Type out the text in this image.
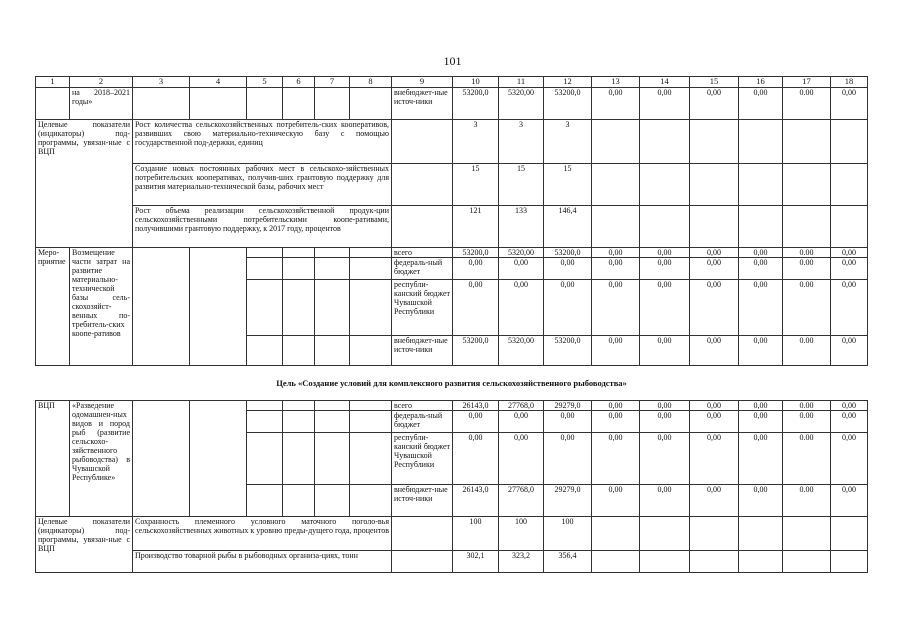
101
1	2	3	4	5	6	7	8	9	10	11	12	13	14	15	16	17	18
	на 2018–2021 годы»							внебюджет-ные источ-ники	53200,0	5320,00	53200,0	0,00	0,00	0,00	0,00	0.00	0,00
Целевые показатели (индикаторы) под-программы, увязан-ные с ВЦП		Рост количества сельскохозяйственных потребитель-ских кооперативов, развивших свою материально-техническую базу с помощью государственной под-держки, единиц							3	3	3						
		Создание новых постоянных рабочих мест в сельскохо-зяйственных потребительских кооперативах, получив-ших грантовую поддержку для развития материально-технической базы, рабочих мест							15	15	15						
		Рост объема реализации сельскохозяйственной продук-ции сельскохозяйственными потребительскими коопе-ративами, получившими грантовую поддержку, к 2017 году, процентов							121	133	146,4						
Меро-приятие	Возмещение части затрат на развитие материально-технической базы сель-скохозяйст-венных по-требитель-ских коопе-ративов							всего	53200,0	5320,00	53200,0	0,00	0,00	0,00	0,00	0.00	0,00
								федераль-ный бюджет	0,00	0,00	0,00	0,00	0,00	0,00	0,00	0.00	0,00
								республи-канский бюджет Чувашской Республики	0,00	0,00	0,00	0,00	0,00	0,00	0,00	0.00	0,00
								внебюджет-ные источ-ники	53200,0	5320,00	53200,0	0,00	0,00	0,00	0,00	0.00	0,00
Цель «Создание условий для комплексного развития сельскохозяйственного рыбоводства»																	
ВЦП	«Разведение одомашнен-ных видов и пород рыб (развитие сельскохо-зяйственного рыбоводства) в Чувашской Республике»							всего	26143,0	27768,0	29279,0	0,00	0,00	0,00	0,00	0.00	0,00
								федераль-ный бюджет	0,00	0,00	0,00	0,00	0,00	0,00	0,00	0.00	0,00
								республи-канский бюджет Чувашской Республики	0,00	0,00	0,00	0,00	0,00	0,00	0,00	0.00	0,00
								внебюджет-ные источ-ники	26143,0	27768,0	29279,0	0,00	0,00	0,00	0,00	0.00	0,00
Целевые показатели (индикаторы) под-программы, увязан-ные с ВЦП		Сохранность племенного условного маточного поголо-вья сельскохозяйственных животных к уровню преды-дущего года, процентов							100	100	100						
		Производство товарной рыбы в рыбоводных организа-циях, тонн							302,1	323,2	356,4						
